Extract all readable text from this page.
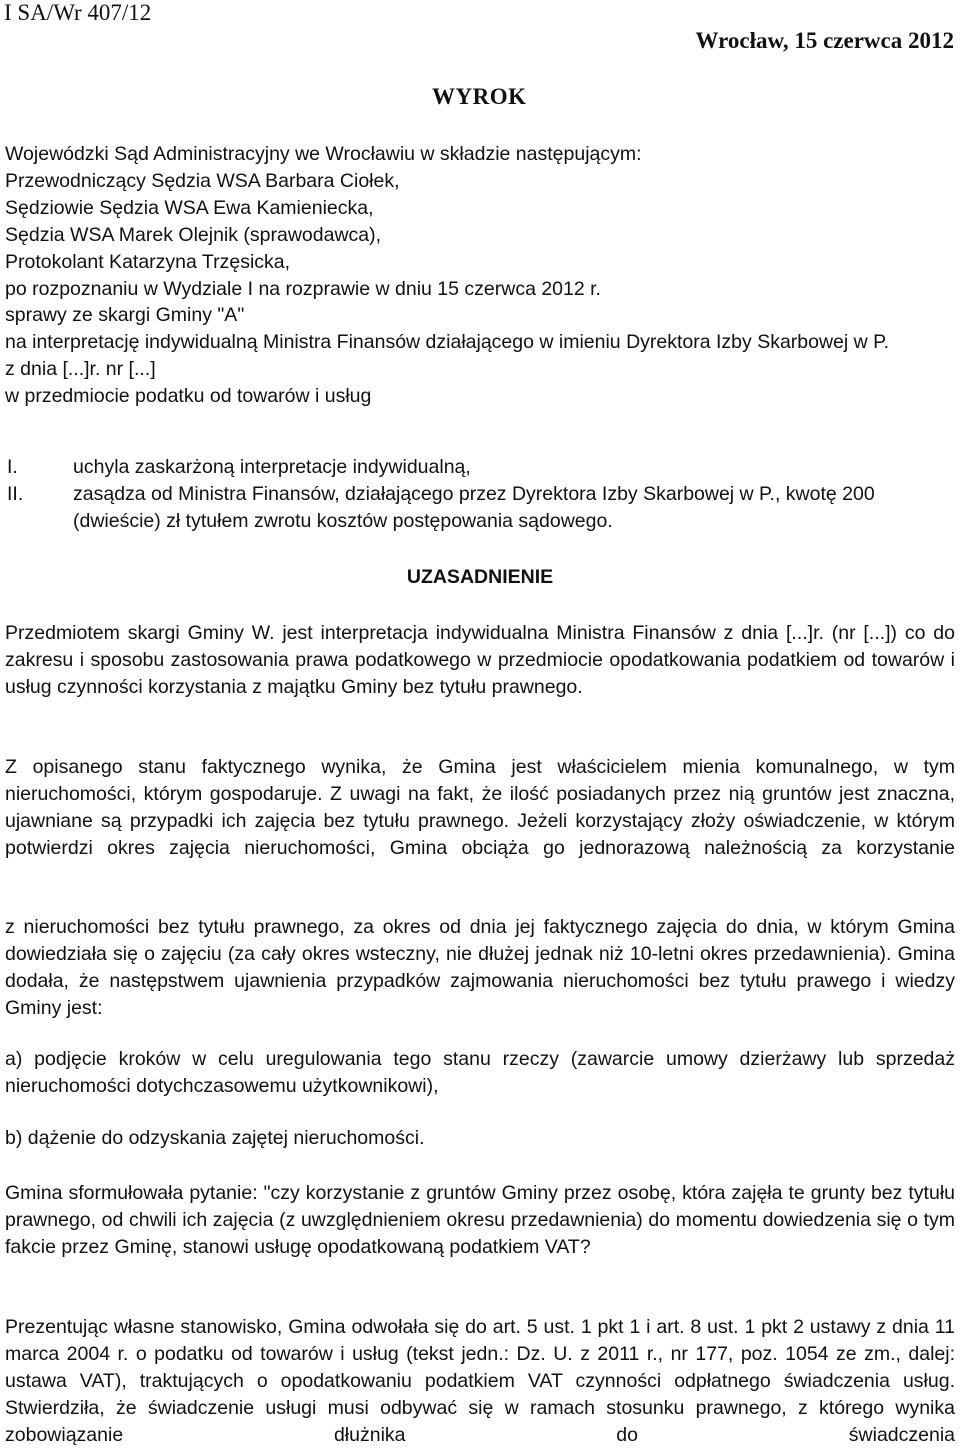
I SA/Wr 407/12
Wrocław, 15 czerwca 2012
WYROK
Wojewódzki Sąd Administracyjny we Wrocławiu w składzie następującym:
Przewodniczący Sędzia WSA Barbara Ciołek,
Sędziowie Sędzia WSA Ewa Kamieniecka,
Sędzia WSA Marek Olejnik (sprawodawca),
Protokolant Katarzyna Trzęsicka,
po rozpoznaniu w Wydziale I na rozprawie w dniu 15 czerwca 2012 r.
sprawy ze skargi Gminy "A"

na interpretację indywidualną Ministra Finansów działającego w imieniu Dyrektora Izby Skarbowej w P.

z dnia [...]r. nr [...]
w przedmiocie podatku od towarów i usług
I.	uchyla zaskarżoną interpretacje indywidualną,
II.	zasądza od Ministra Finansów, działającego przez Dyrektora Izby Skarbowej w P., kwotę 200 (dwieście) zł tytułem zwrotu kosztów postępowania sądowego.
UZASADNIENIE

Przedmiotem skargi Gminy W. jest interpretacja indywidualna Ministra Finansów z dnia [...]r. (nr [...]) co do zakresu i sposobu zastosowania prawa podatkowego w przedmiocie opodatkowania podatkiem od towarów i usług czynności korzystania z majątku Gminy bez tytułu prawnego.

Z opisanego stanu faktycznego wynika, że Gmina jest właścicielem mienia komunalnego, w tym nieruchomości, którym gospodaruje. Z uwagi na fakt, że ilość posiadanych przez nią gruntów jest znaczna, ujawniane są przypadki ich zajęcia bez tytułu prawnego. Jeżeli korzystający złoży oświadczenie, w którym potwierdzi okres zajęcia nieruchomości, Gmina obciąża go jednorazową należnością za korzystanie

z nieruchomości bez tytułu prawnego, za okres od dnia jej faktycznego zajęcia do dnia, w którym Gmina dowiedziała się o zajęciu (za cały okres wsteczny, nie dłużej jednak niż 10-letni okres przedawnienia). Gmina dodała, że następstwem ujawnienia przypadków zajmowania nieruchomości bez tytułu prawego i wiedzy Gminy jest:

a) podjęcie kroków w celu uregulowania tego stanu rzeczy (zawarcie umowy dzierżawy lub sprzedaż nieruchomości dotychczasowemu użytkownikowi),

b) dążenie do odzyskania zajętej nieruchomości.

Gmina sformułowała pytanie: "czy korzystanie z gruntów Gminy przez osobę, która zajęła te grunty bez tytułu prawnego, od chwili ich zajęcia (z uwzględnieniem okresu przedawnienia) do momentu dowiedzenia się o tym fakcie przez Gminę, stanowi usługę opodatkowaną podatkiem VAT?

Prezentując własne stanowisko, Gmina odwołała się do art. 5 ust. 1 pkt 1 i art. 8 ust. 1 pkt 2 ustawy z dnia 11 marca 2004 r. o podatku od towarów i usług (tekst jedn.: Dz. U. z 2011 r., nr 177, poz. 1054 ze zm., dalej: ustawa VAT), traktujących o opodatkowaniu podatkiem VAT czynności odpłatnego świadczenia usług. Stwierdziła, że świadczenie usługi musi odbywać się w ramach stosunku prawnego, z którego wynika zobowiązanie dłużnika do świadczenia
